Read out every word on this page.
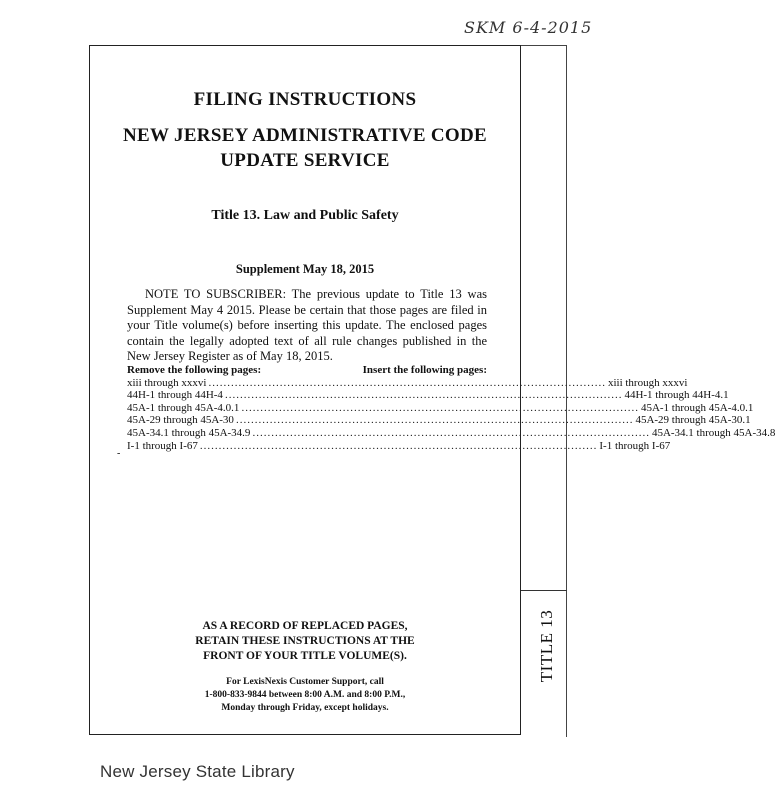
TITLE 13
SKM 6-4-2015
FILING INSTRUCTIONS
NEW JERSEY ADMINISTRATIVE CODE
UPDATE SERVICE
Title 13. Law and Public Safety
Supplement May 18, 2015
NOTE TO SUBSCRIBER: The previous update to Title 13 was Supplement May 4 2015. Please be certain that those pages are filed in your Title volume(s) before inserting this update. The enclosed pages contain the legally adopted text of all rule changes published in the New Jersey Register as of May 18, 2015.
-
Remove the following pages:	Insert the following pages:
xiii through xxxvi .......................................................................................................... xiii through xxxvi
44H-1 through 44H-4 .......................................................................................................... 44H-1 through 44H-4.1
45A-1 through 45A-4.0.1 .......................................................................................................... 45A-1 through 45A-4.0.1
45A-29 through 45A-30 .......................................................................................................... 45A-29 through 45A-30.1
45A-34.1 through 45A-34.9 .......................................................................................................... 45A-34.1 through 45A-34.8
I-1 through I-67 .......................................................................................................... I-1 through I-67
AS A RECORD OF REPLACED PAGES,
RETAIN THESE INSTRUCTIONS AT THE
FRONT OF YOUR TITLE VOLUME(S).
For LexisNexis Customer Support, call
1-800-833-9844 between 8:00 A.M. and 8:00 P.M.,
Monday through Friday, except holidays.
New Jersey State Library
